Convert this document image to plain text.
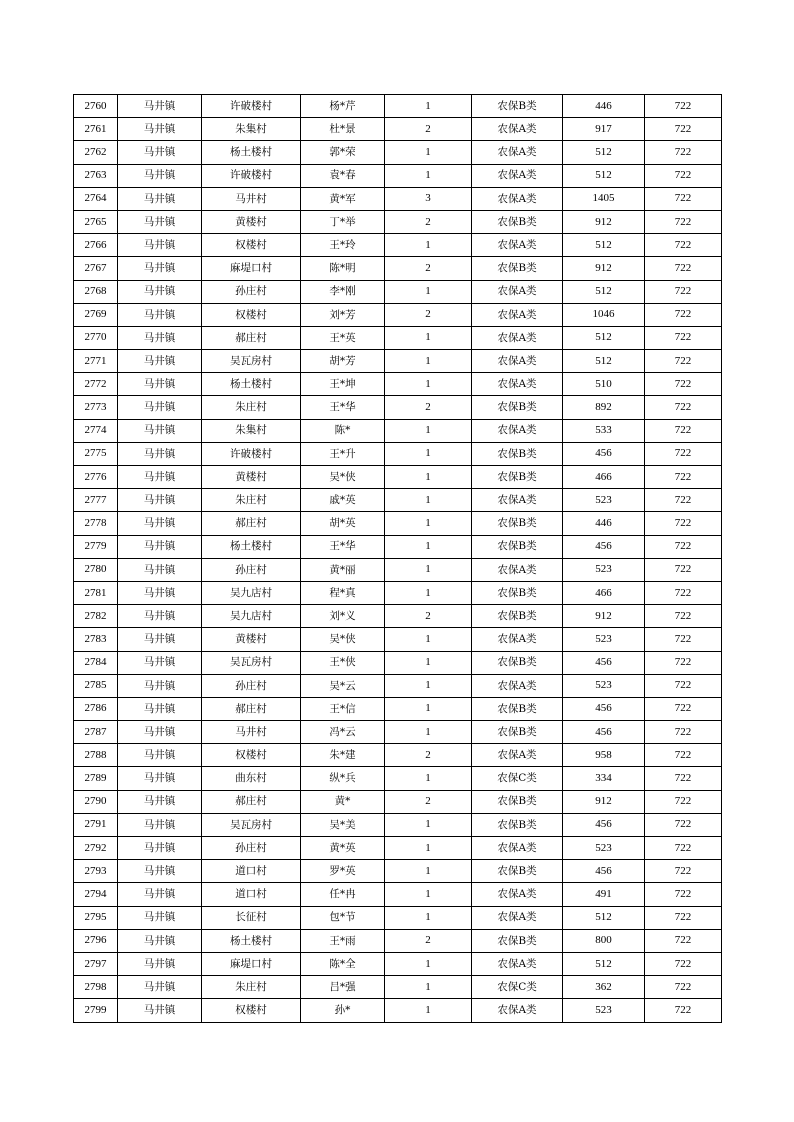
2760	马井镇	许破楼村	杨*芹	1	农保B类	446	722
2761	马井镇	朱集村	杜*景	2	农保A类	917	722
2762	马井镇	杨土楼村	郭*荣	1	农保A类	512	722
2763	马井镇	许破楼村	袁*春	1	农保A类	512	722
2764	马井镇	马井村	黄*军	3	农保A类	1405	722
2765	马井镇	黄楼村	丁*举	2	农保B类	912	722
2766	马井镇	权楼村	王*玲	1	农保A类	512	722
2767	马井镇	麻堤口村	陈*明	2	农保B类	912	722
2768	马井镇	孙庄村	李*刚	1	农保A类	512	722
2769	马井镇	权楼村	刘*芳	2	农保A类	1046	722
2770	马井镇	郝庄村	王*英	1	农保A类	512	722
2771	马井镇	吴瓦房村	胡*芳	1	农保A类	512	722
2772	马井镇	杨土楼村	王*坤	1	农保A类	510	722
2773	马井镇	朱庄村	王*华	2	农保B类	892	722
2774	马井镇	朱集村	陈*	1	农保A类	533	722
2775	马井镇	许破楼村	王*升	1	农保B类	456	722
2776	马井镇	黄楼村	吴*侠	1	农保B类	466	722
2777	马井镇	朱庄村	戚*英	1	农保A类	523	722
2778	马井镇	郝庄村	胡*英	1	农保B类	446	722
2779	马井镇	杨土楼村	王*华	1	农保B类	456	722
2780	马井镇	孙庄村	黄*丽	1	农保A类	523	722
2781	马井镇	吴九店村	程*真	1	农保B类	466	722
2782	马井镇	吴九店村	刘*义	2	农保B类	912	722
2783	马井镇	黄楼村	吴*侠	1	农保A类	523	722
2784	马井镇	吴瓦房村	王*侠	1	农保B类	456	722
2785	马井镇	孙庄村	吴*云	1	农保A类	523	722
2786	马井镇	郝庄村	王*信	1	农保B类	456	722
2787	马井镇	马井村	冯*云	1	农保B类	456	722
2788	马井镇	权楼村	朱*建	2	农保A类	958	722
2789	马井镇	曲东村	纵*兵	1	农保C类	334	722
2790	马井镇	郝庄村	黄*	2	农保B类	912	722
2791	马井镇	吴瓦房村	吴*美	1	农保B类	456	722
2792	马井镇	孙庄村	黄*英	1	农保A类	523	722
2793	马井镇	道口村	罗*英	1	农保B类	456	722
2794	马井镇	道口村	任*冉	1	农保A类	491	722
2795	马井镇	长征村	包*节	1	农保A类	512	722
2796	马井镇	杨土楼村	王*雨	2	农保B类	800	722
2797	马井镇	麻堤口村	陈*全	1	农保A类	512	722
2798	马井镇	朱庄村	吕*强	1	农保C类	362	722
2799	马井镇	权楼村	孙*	1	农保A类	523	722
